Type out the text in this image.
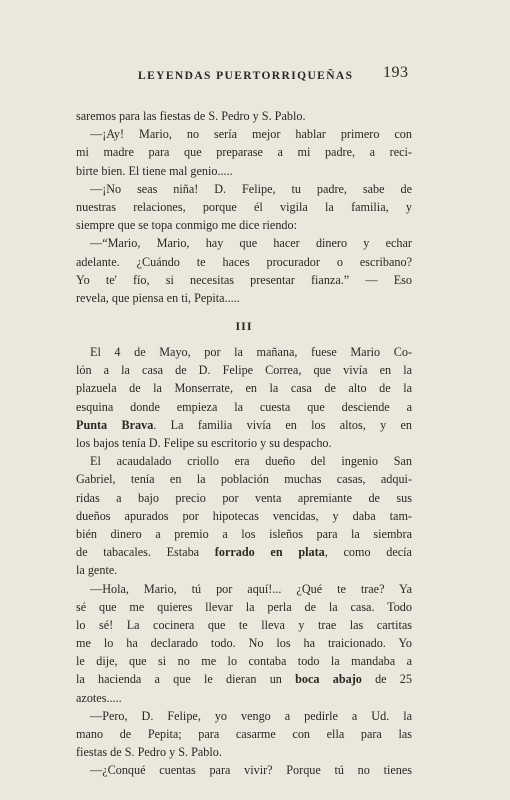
LEYENDAS PUERTORRIQUEÑAS 193
saremos para las fiestas de S. Pedro y S. Pablo.
—¡Ay! Mario, no sería mejor hablar primero con
mi madre para que preparase a mi padre, a reci-
birte bien. El tiene mal genio.....
—¡No seas niña! D. Felipe, tu padre, sabe de
nuestras relaciones, porque él vigila la familia, y
siempre que se topa conmigo me dice riendo:
—“Mario, Mario, hay que hacer dinero y echar
adelante. ¿Cuándo te haces procurador o escribano?
Yo te' fío, si necesitas presentar fianza.” — Eso
revela, que piensa en ti, Pepita.....
III
El 4 de Mayo, por la mañana, fuese Mario Co-
lón a la casa de D. Felipe Correa, que vivía en la
plazuela de la Monserrate, en la casa de alto de la
esquina donde empieza la cuesta que desciende a
Punta Brava. La familia vivía en los altos, y en
los bajos tenía D. Felipe su escritorio y su despacho.
El acaudalado criollo era dueño del ingenio San
Gabriel, tenía en la población muchas casas, adqui-
ridas a bajo precio por venta apremiante de sus
dueños apurados por hipotecas vencidas, y daba tam-
bién dinero a premio a los isleños para la siembra
de tabacales. Estaba forrado en plata, como decía
la gente.
—Hola, Mario, tú por aquí!... ¿Qué te trae? Ya
sé que me quieres llevar la perla de la casa. Todo
lo sé! La cocinera que te lleva y trae las cartitas
me lo ha declarado todo. No los ha traicionado. Yo
le dije, que si no me lo contaba todo la mandaba a
la hacienda a que le dieran un boca abajo de 25
azotes.....
—Pero, D. Felipe, yo vengo a pedirle a Ud. la
mano de Pepita; para casarme con ella para las
fiestas de S. Pedro y S. Pablo.
—¿Conqué cuentas para vivir? Porque tú no tienes
